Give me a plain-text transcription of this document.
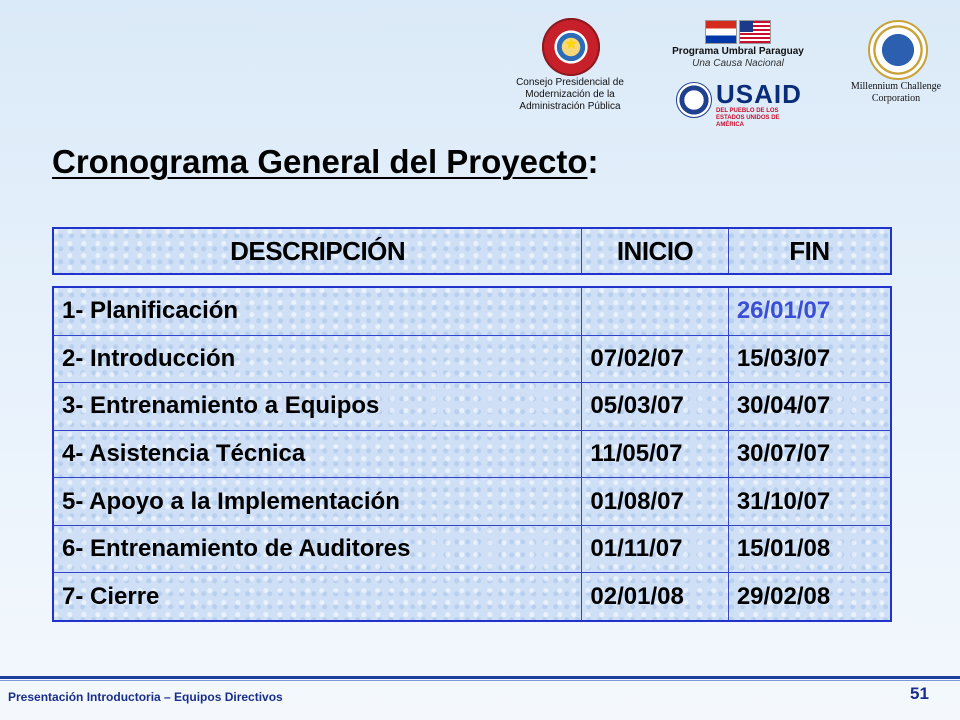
★
Consejo Presidencial de Modernización de la Administración Pública
Programa Umbral Paraguay
Una Causa Nacional
USAID
DEL PUEBLO DE LOS ESTADOS UNIDOS DE AMÉRICA
Millennium Challenge Corporation
Cronograma General del Proyecto:
DESCRIPCIÓN	INICIO	FIN
1- Planificación		26/01/07
2- Introducción	07/02/07	15/03/07
3- Entrenamiento a Equipos	05/03/07	30/04/07
4- Asistencia Técnica	11/05/07	30/07/07
5- Apoyo a la Implementación	01/08/07	31/10/07
6- Entrenamiento de Auditores	01/11/07	15/01/08
7- Cierre	02/01/08	29/02/08
Presentación Introductoria – Equipos Directivos	51
